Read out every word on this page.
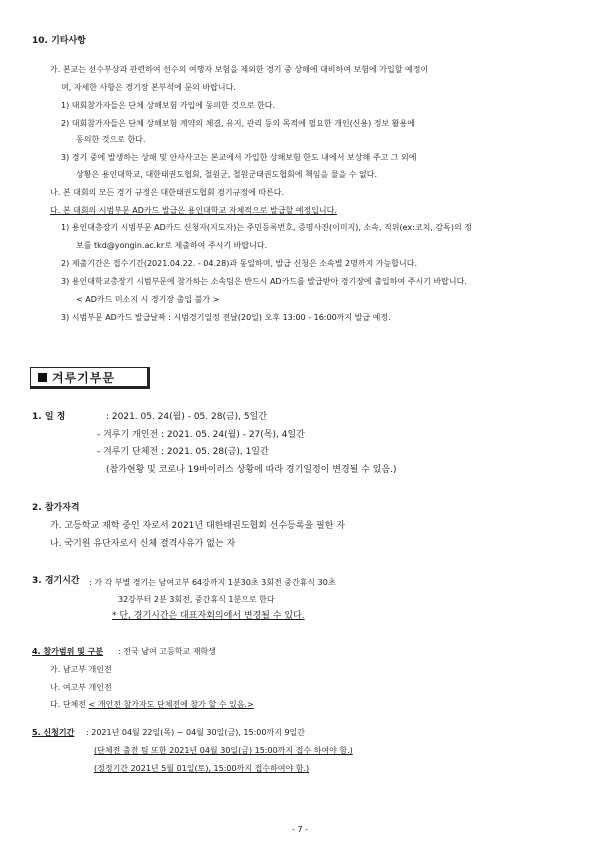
10. 기타사항
가. 본교는 선수부상과 관련하여 선수의 여행자 보험을 제외한 경기 중 상해에 대비하여 보험에 가입할 예정이
며, 자세한 사항은 경기장 본부석에 문의 바랍니다.
1) 대회참가자들은 단체 상해보험 가입에 동의한 것으로 한다.
2) 대회참가자들은 단체 상해보험 계약의 체결, 유지, 관리 등의 목적에 필요한 개인(신용) 정보 활용에
동의한 것으로 한다.
3) 경기 중에 발생하는 상해 및 안사사고는 본교에서 가입한 상해보험 한도 내에서 보상해 주고 그 외에
상황은 용인대학교, 대한태권도협회, 철원군, 철원군태권도협회에 책임을 물을 수 없다.
나. 본 대회의 모든 경기 규정은 대한태권도협회 경기규정에 따른다.
다. 본 대회의 시범부문 AD카드 발급은 용인대학교 자체적으로 발급할 예정입니다.
1) 용인대총장기 시범부문 AD카드 신청자(지도자)는 주민등록번호, 증명사진(이미지), 소속, 직위(ex:코치, 감독)의 정
보를 tkd@yongin.ac.kr로 제출하여 주시기 바랍니다.
2) 제출기간은 접수기간(2021.04.22. - 04.28)과 동일하며, 발급 신청은 소속별 2명까지 가능합니다.
3) 용인대학교총장기 시범부문에 참가하는 소속팀은 반드시 AD카드를 발급받아 경기장에 출입하여 주시기 바랍니다.
< AD카드 미소지 시 경기장 출입 불가 >
3) 시범부문 AD카드 발급날짜 : 시범경기일정 전날(20일) 오후 13:00 - 16:00까지 발급 예정.
겨루기부문
1. 일 정	: 2021. 05. 24(월) - 05. 28(금), 5일간
- 겨루기 개인전 : 2021. 05. 24(월) - 27(목), 4일간
- 겨루기 단체전 : 2021. 05. 28(금), 1일간
(참가현황 및 코로나 19바이러스 상황에 따라 경기일정이 변경될 수 있음.)
2. 참가자격
가. 고등학교 재학 중인 자로서 2021년 대한태권도협회 선수등록을 필한 자
나. 국기원 유단자로서 신체 결격사유가 없는 자
3. 경기시간 : 가 각 부별 경기는 남여고부 64강까지 1분30초 3회전 중간휴식 30초
32강부터 2분 3회전, 중간휴식 1분으로 한다
* 단, 경기시간은 대표자회의에서 변경될 수 있다.
4. 참가범위 및 구분 : 전국 남여 고등학교 재학생
가. 남고부 개인전
나. 여고부 개인전
다. 단체전 < 개인전 참가자도 단체전에 참가 할 수 있음.>
5. 신청기간 : 2021년 04월 22일(목) ~ 04월 30일(금), 15:00까지 9일간
(단체전 출전 팀 또한 2021년 04월 30일(금) 15:00까지 접수 하여야 함.)
(정정기간 2021년 5월 01일(토), 15:00까지 접수하여야 함.)
- 7 -
